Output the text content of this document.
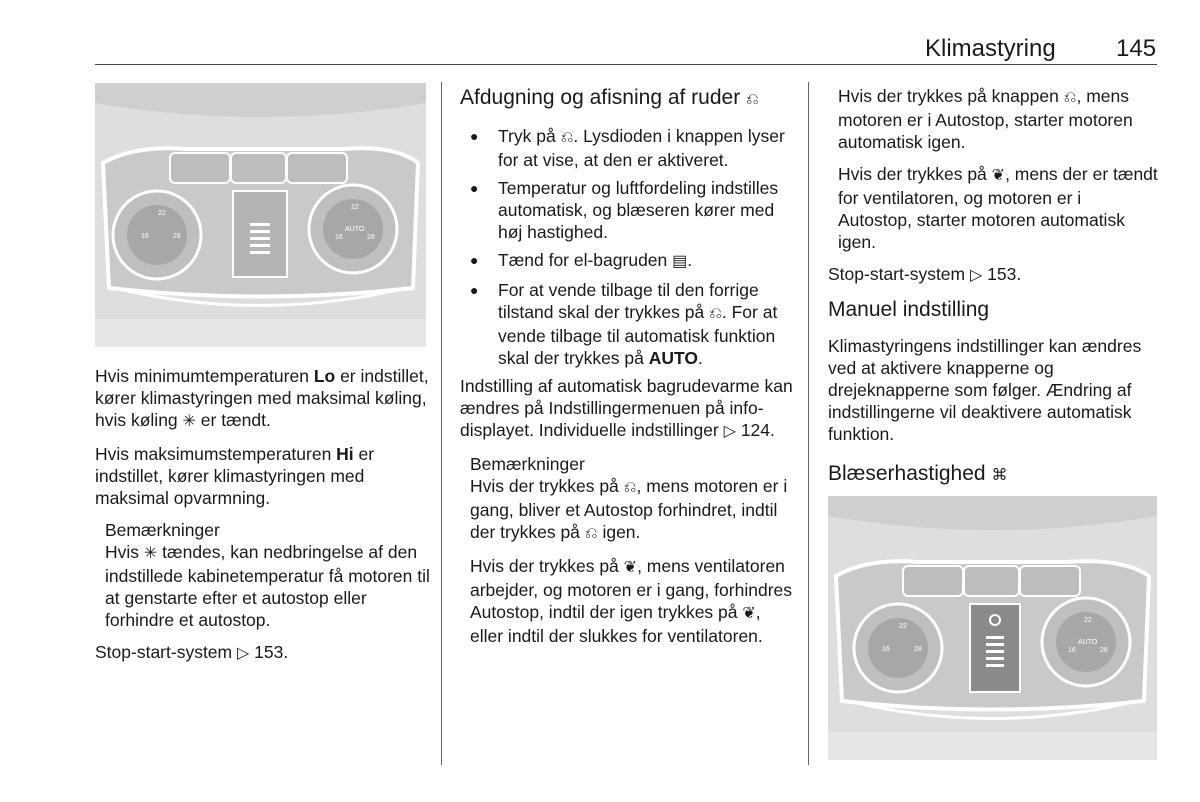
Klimastyring	145
22
16	28
22
AUTO
16	28

Hvis minimumtemperaturen Lo er indstillet, kører klimastyringen med maksimal køling, hvis køling ✳ er tændt.

Hvis maksimumstemperaturen Hi er indstillet, kører klimastyringen med maksimal opvarmning.

Bemærkninger
Hvis ✳ tændes, kan nedbringelse af den indstillede kabinetemperatur få motoren til at genstarte efter et autostop eller forhindre et autostop.

Stop-start-system ▷ 153.

Afdugning og afisning af ruder ⎌
● Tryk på ⎌. Lysdioden i knappen lyser for at vise, at den er aktiveret.
● Temperatur og luftfordeling indstilles automatisk, og blæseren kører med høj hastighed.
● Tænd for el-bagruden ▤.
● For at vende tilbage til den forrige tilstand skal der trykkes på ⎌. For at vende tilbage til automatisk funktion skal der trykkes på AUTO.

Indstilling af automatisk bagrudevarme kan ændres på Indstillingermenuen på info-displayet. Individuelle indstillinger ▷ 124.

Bemærkninger

Hvis der trykkes på ⎌, mens motoren er i gang, bliver et Autostop forhindret, indtil der trykkes på ⎌ igen.

Hvis der trykkes på ❦, mens ventilatoren arbejder, og motoren er i gang, forhindres Autostop, indtil der igen trykkes på ❦, eller indtil der slukkes for ventilatoren.

Hvis der trykkes på knappen ⎌, mens motoren er i Autostop, starter motoren automatisk igen.

Hvis der trykkes på ❦, mens der er tændt for ventilatoren, og motoren er i Autostop, starter motoren automatisk igen.

Stop-start-system ▷ 153.

Manuel indstilling

Klimastyringens indstillinger kan ændres ved at aktivere knapperne og drejeknapperne som følger. Ændring af indstillingerne vil deaktivere automatisk funktion.

Blæserhastighed ⌘
22
16	28
22
AUTO
16	28
